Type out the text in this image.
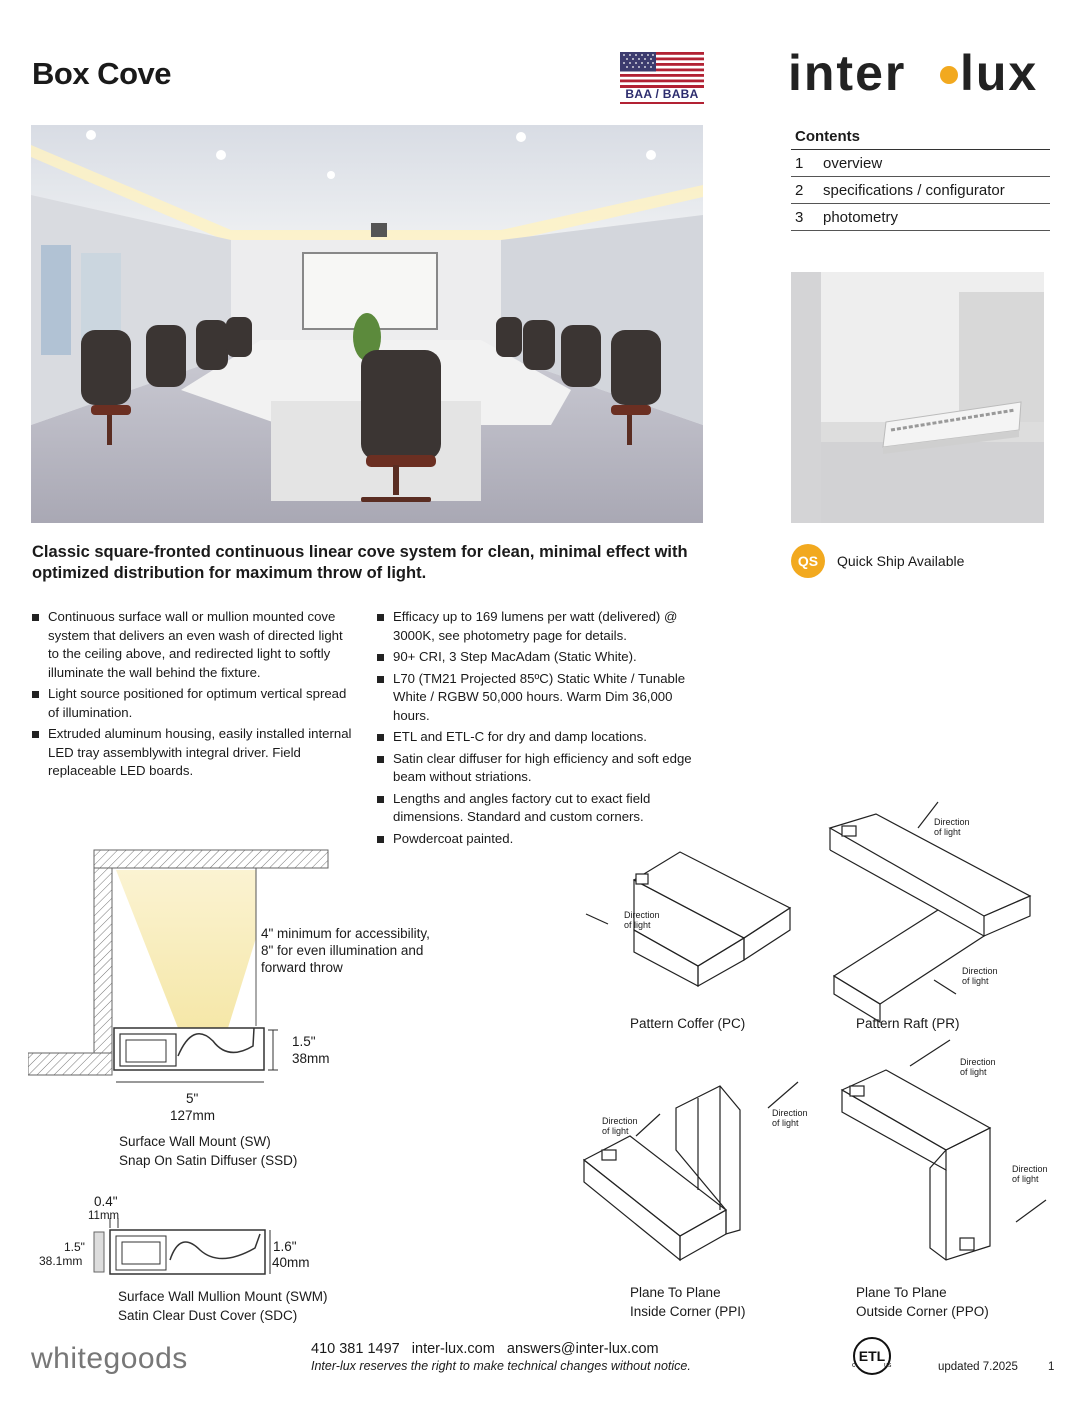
Box Cove
BAA / BABA inter lux
Contents
1	overview
2	specifications / configurator
3	photometry
Classic square-fronted continuous linear cove system for clean, minimal effect with optimized distribution for maximum throw of light.
QS	Quick Ship Available
Continuous surface wall or mullion mounted cove system that delivers an even wash of directed light to the ceiling above, and redirected light to softly illuminate the wall behind the fixture.
Light source positioned for optimum vertical spread of illumination.
Extruded aluminum housing, easily installed internal LED tray assemblywith integral driver. Field replaceable LED boards.
Efficacy up to 169 lumens per watt (delivered) @ 3000K, see photometry page for details.
90+ CRI, 3 Step MacAdam (Static White).
L70 (TM21 Projected 85ºC) Static White / Tunable White / RGBW 50,000 hours. Warm Dim 36,000 hours.
ETL and ETL-C for dry and damp locations.
Satin clear diffuser for high efficiency and soft edge beam without striations.
Lengths and angles factory cut to exact field dimensions. Standard and custom corners.
Powdercoat painted.
4" minimum for accessibility,
8" for even illumination and
forward throw
1.5"
38mm
5"
127mm
Surface Wall Mount (SW)
Snap On Satin Diffuser (SSD)
0.4"
11mm
1.5"
38.1mm
1.6"
40mm
Surface Wall Mullion Mount (SWM)
Satin Clear Dust Cover (SDC)
Direction
of light
Direction
of light
Direction
of light
Direction
of light
Direction
of light
Direction
of light
Direction
of light
Pattern Coffer (PC)	Pattern Raft (PR)
Plane To Plane
Inside Corner (PPI)
Plane To Plane
Outside Corner (PPO)
whitegoods	410 381 1497 inter-lux.com answers@inter-lux.com
Inter-lux reserves the right to make technical changes without notice.
ETL
c	us	updated 7.2025	1
